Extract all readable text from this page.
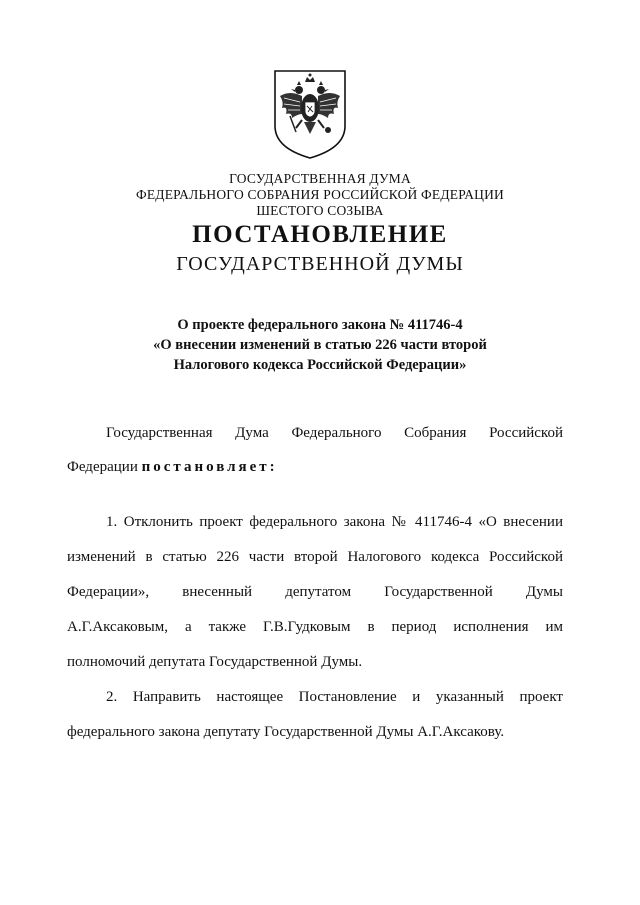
ГОСУДАРСТВЕННАЯ ДУМА
ФЕДЕРАЛЬНОГО СОБРАНИЯ РОССИЙСКОЙ ФЕДЕРАЦИИ
ШЕСТОГО СОЗЫВА
ПОСТАНОВЛЕНИЕ
ГОСУДАРСТВЕННОЙ ДУМЫ
О проекте федерального закона № 411746-4
«О внесении изменений в статью 226 части второй
Налогового кодекса Российской Федерации»
Государственная Дума Федерального Собрания Российской
Федерации постановляет:
1. Отклонить проект федерального закона № 411746-4 «О внесении
изменений в статью 226 части второй Налогового кодекса Российской
Федерации», внесенный депутатом Государственной Думы
А.Г.Аксаковым, а также Г.В.Гудковым в период исполнения им
полномочий депутата Государственной Думы.
2. Направить настоящее Постановление и указанный проект
федерального закона депутату Государственной Думы А.Г.Аксакову.
